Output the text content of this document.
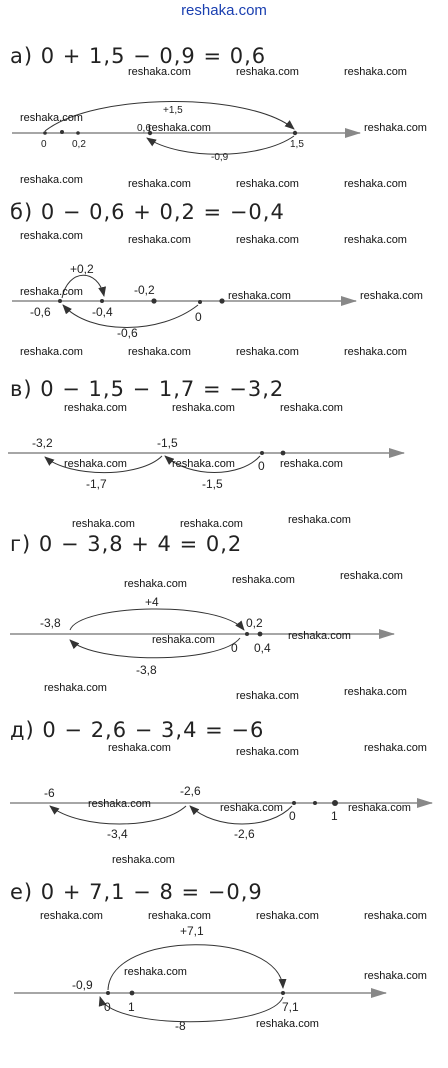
reshaka.com
а) 0 + 1,5 − 0,9 = 0,6
б) 0 − 0,6 + 0,2 = −0,4
в) 0 − 1,5 − 1,7 = −3,2
г) 0 − 3,8 + 4 = 0,2
д) 0 − 2,6 − 3,4 = −6
е) 0 + 7,1 − 8 = −0,9
+1,5
0,6
0	0,2	1,5
-0,9
+0,2
-0,6	-0,4
-0,2
0
-0,6
-3,2	-1,5
0
-1,7	-1,5
-3,8
+4
0,2
0 0,4
-3,8
-6	-2,6
0	1
-3,4	-2,6
+7,1
-0,9
0 1	7,1
-8
reshaka.com	reshaka.com	reshaka.com
reshaka.com
reshaka.com	reshaka.com
reshaka.com	reshaka.com	reshaka.com	reshaka.com
reshaka.com	reshaka.com	reshaka.com	reshaka.com
reshaka.com	reshaka.com	reshaka.com
reshaka.com	reshaka.com	reshaka.com	reshaka.com
reshaka.com	reshaka.com	reshaka.com
reshaka.com	reshaka.com	reshaka.com
reshaka.com	reshaka.com	reshaka.com
reshaka.com	reshaka.com	reshaka.com
reshaka.com	reshaka.com
reshaka.com
reshaka.com	reshaka.com
reshaka.com	reshaka.com	reshaka.com
reshaka.com	reshaka.com	reshaka.com
reshaka.com
reshaka.com	reshaka.com	reshaka.com	reshaka.com
reshaka.com	reshaka.com
reshaka.com
